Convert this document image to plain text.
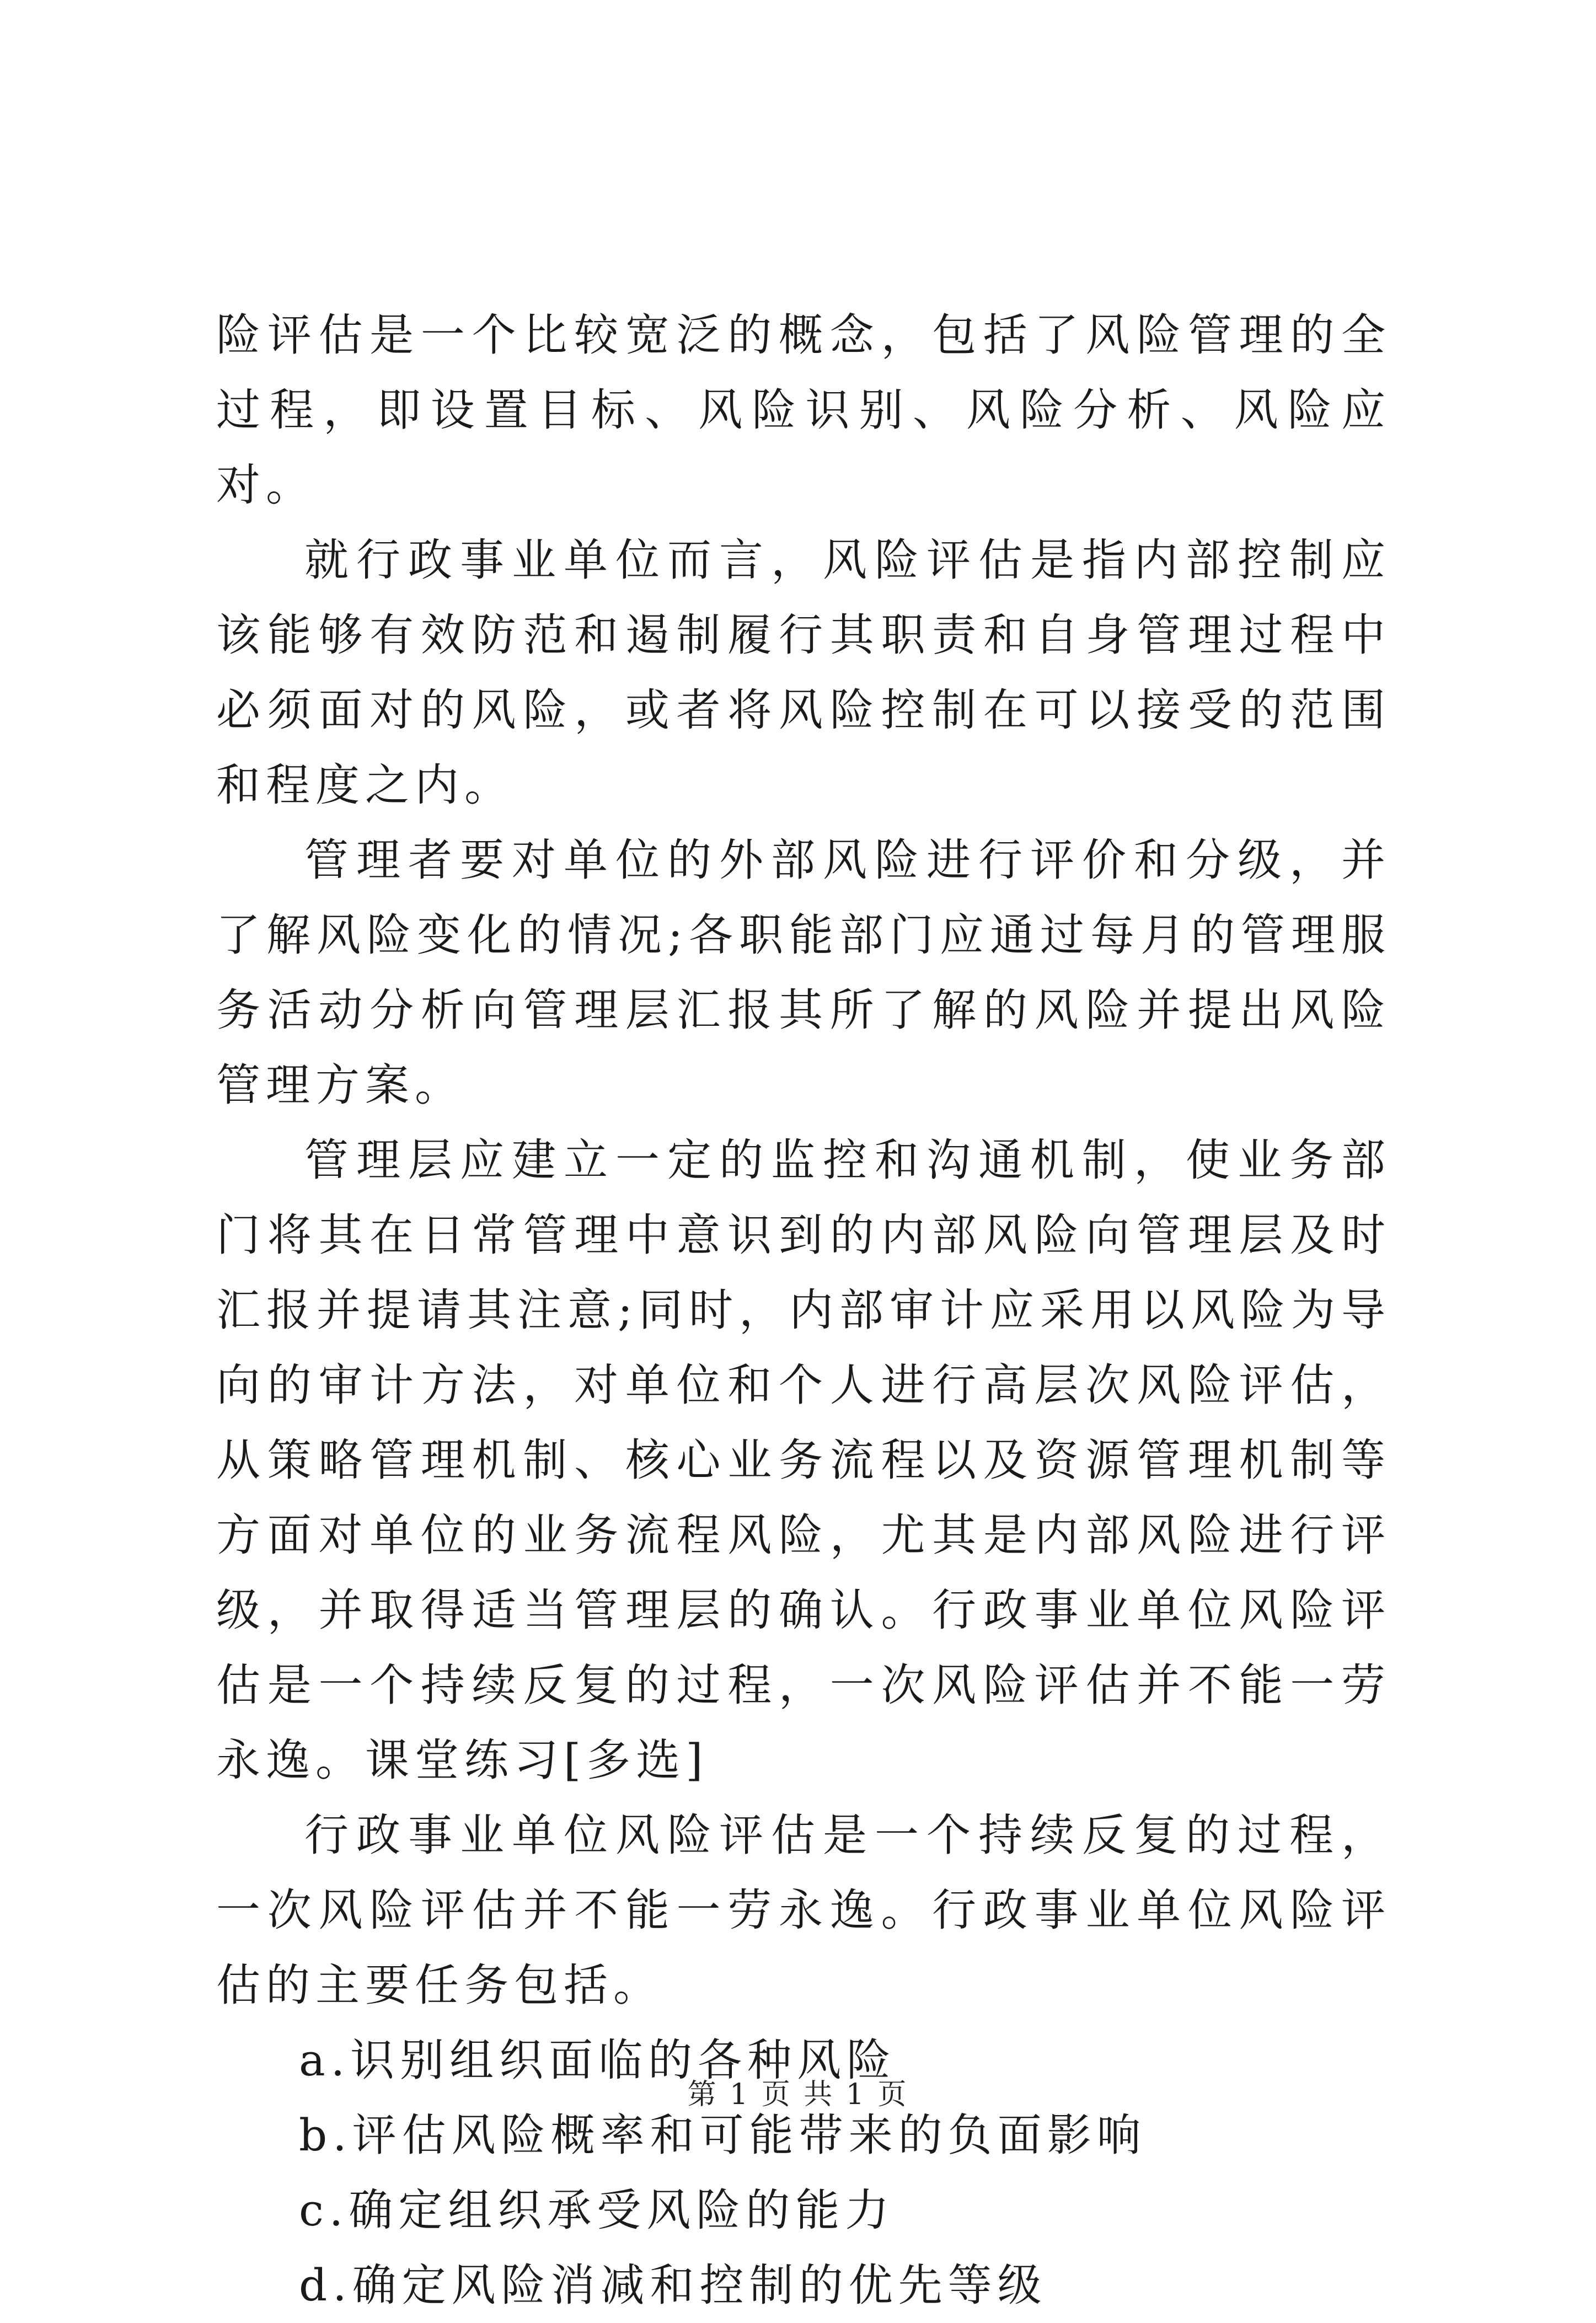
险评估是一个比较宽泛的概念，包括了风险管理的全过程，即设置目标、风险识别、风险分析、风险应对。

就行政事业单位而言，风险评估是指内部控制应该能够有效防范和遏制履行其职责和自身管理过程中必须面对的风险，或者将风险控制在可以接受的范围和程度之内。

管理者要对单位的外部风险进行评价和分级，并了解风险变化的情况;各职能部门应通过每月的管理服务活动分析向管理层汇报其所了解的风险并提出风险管理方案。

管理层应建立一定的监控和沟通机制，使业务部门将其在日常管理中意识到的内部风险向管理层及时汇报并提请其注意;同时，内部审计应采用以风险为导向的审计方法，对单位和个人进行高层次风险评估，从策略管理机制、核心业务流程以及资源管理机制等方面对单位的业务流程风险，尤其是内部风险进行评级，并取得适当管理层的确认。行政事业单位风险评估是一个持续反复的过程，一次风险评估并不能一劳永逸。课堂练习[多选]

行政事业单位风险评估是一个持续反复的过程，一次风险评估并不能一劳永逸。行政事业单位风险评估的主要任务包括。

a.识别组织面临的各种风险

b.评估风险概率和可能带来的负面影响

c.确定组织承受风险的能力

d.确定风险消减和控制的优先等级

第 1 页 共 1 页
